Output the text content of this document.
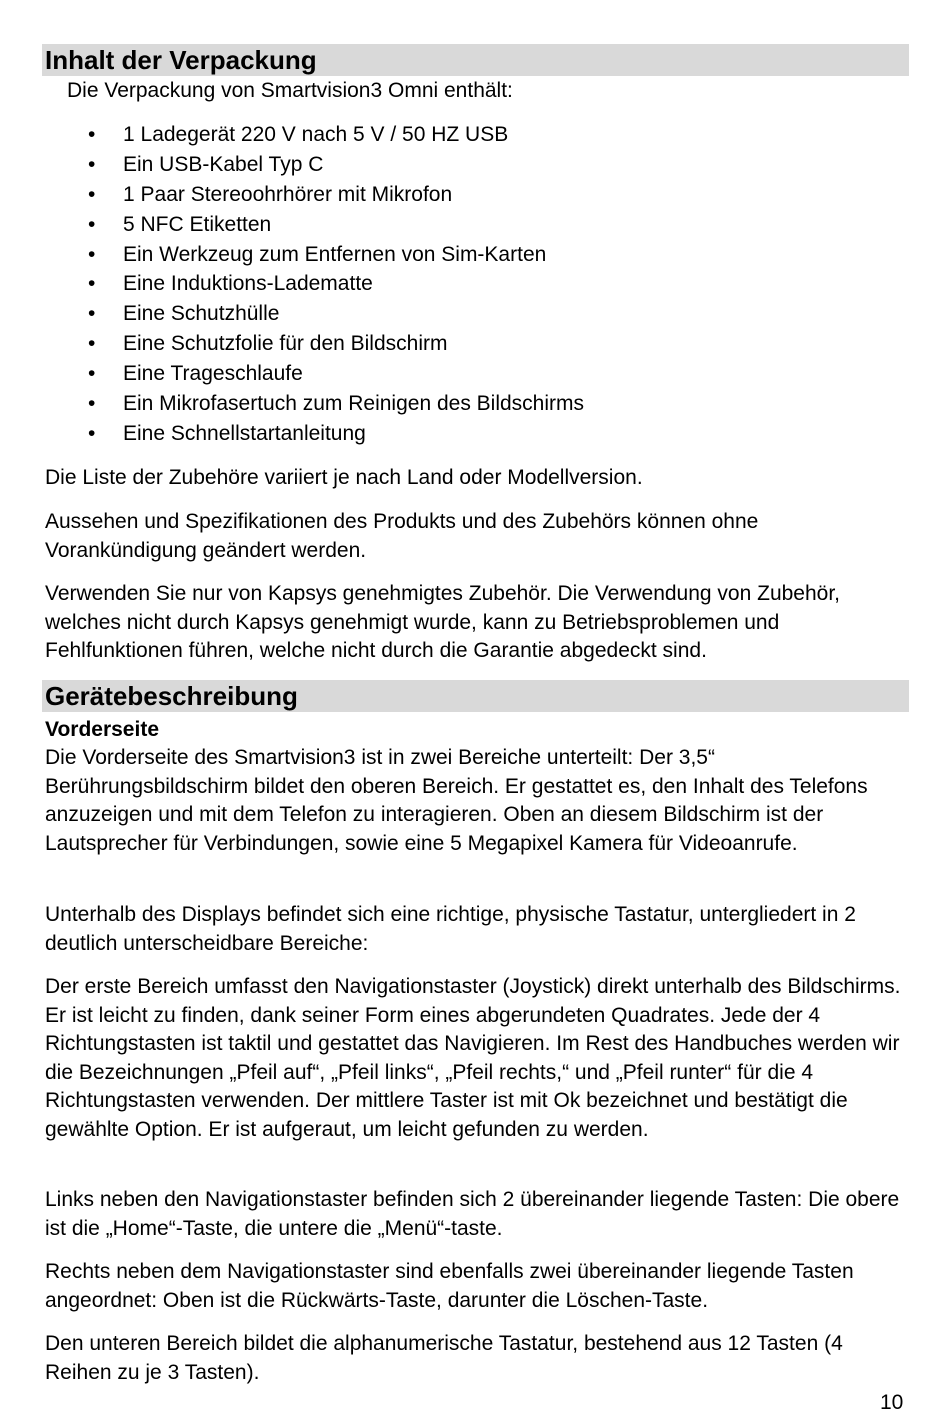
Inhalt der Verpackung
Die Verpackung von Smartvision3 Omni enthält:
• 1 Ladegerät 220 V nach 5 V / 50 HZ USB
• Ein USB-Kabel Typ C
• 1 Paar Stereoohrhörer mit Mikrofon
• 5 NFC Etiketten
• Ein Werkzeug zum Entfernen von Sim-Karten
• Eine Induktions-Ladematte
• Eine Schutzhülle
• Eine Schutzfolie für den Bildschirm
• Eine Trageschlaufe
• Ein Mikrofasertuch zum Reinigen des Bildschirms
• Eine Schnellstartanleitung

Die Liste der Zubehöre variiert je nach Land oder Modellversion.

Aussehen und Spezifikationen des Produkts und des Zubehörs können ohne Vorankündigung geändert werden.

Verwenden Sie nur von Kapsys genehmigtes Zubehör. Die Verwendung von Zubehör, welches nicht durch Kapsys genehmigt wurde, kann zu Betriebsproblemen und Fehlfunktionen führen, welche nicht durch die Garantie abgedeckt sind.

Gerätebeschreibung
Vorderseite

Die Vorderseite des Smartvision3 ist in zwei Bereiche unterteilt: Der 3,5“ Berührungsbildschirm bildet den oberen Bereich. Er gestattet es, den Inhalt des Telefons anzuzeigen und mit dem Telefon zu interagieren. Oben an diesem Bildschirm ist der Lautsprecher für Verbindungen, sowie eine 5 Megapixel Kamera für Videoanrufe.

Unterhalb des Displays befindet sich eine richtige, physische Tastatur, untergliedert in 2 deutlich unterscheidbare Bereiche:

Der erste Bereich umfasst den Navigationstaster (Joystick) direkt unterhalb des Bildschirms. Er ist leicht zu finden, dank seiner Form eines abgerundeten Quadrates. Jede der 4 Richtungstasten ist taktil und gestattet das Navigieren. Im Rest des Handbuches werden wir die Bezeichnungen „Pfeil auf“, „Pfeil links“, „Pfeil rechts,“ und „Pfeil runter“ für die 4 Richtungstasten verwenden. Der mittlere Taster ist mit Ok bezeichnet und bestätigt die gewählte Option. Er ist aufgeraut, um leicht gefunden zu werden.

Links neben den Navigationstaster befinden sich 2 übereinander liegende Tasten: Die obere ist die „Home“-Taste, die untere die „Menü“-taste.

Rechts neben dem Navigationstaster sind ebenfalls zwei übereinander liegende Tasten angeordnet: Oben ist die Rückwärts-Taste, darunter die Löschen-Taste.

Den unteren Bereich bildet die alphanumerische Tastatur, bestehend aus 12 Tasten (4 Reihen zu je 3 Tasten).

10
